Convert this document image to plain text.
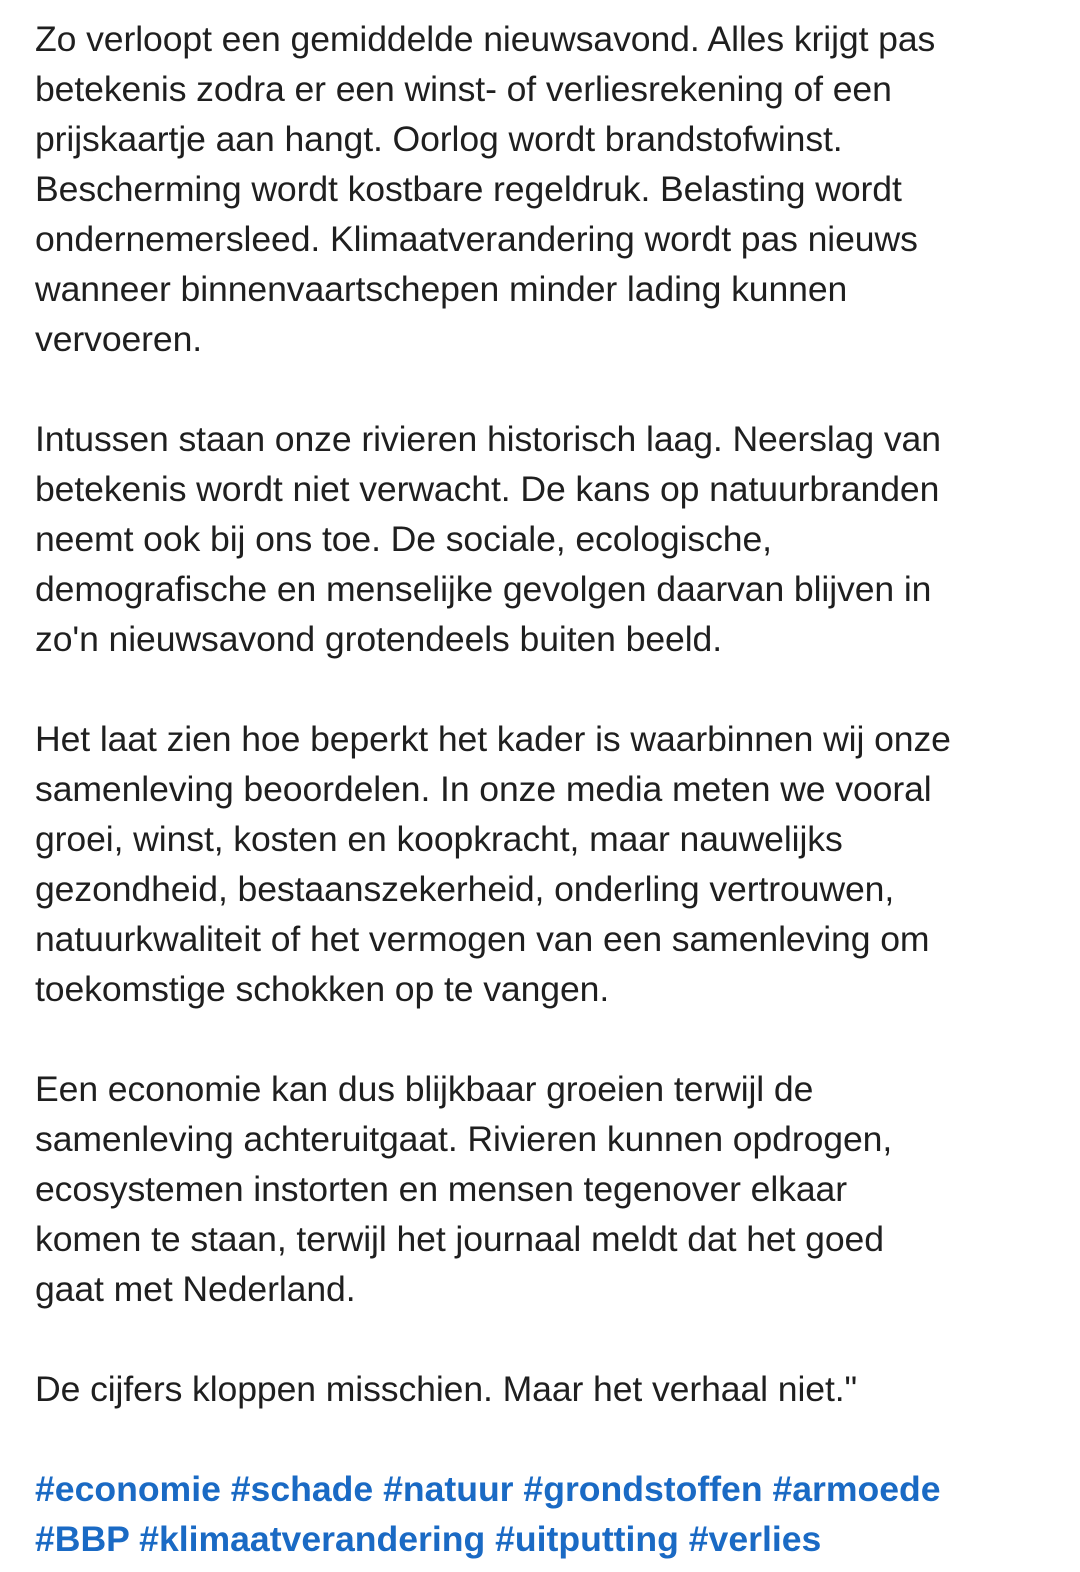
Zo verloopt een gemiddelde nieuwsavond. Alles krijgt pas
betekenis zodra er een winst- of verliesrekening of een
prijskaartje aan hangt. Oorlog wordt brandstofwinst.
Bescherming wordt kostbare regeldruk. Belasting wordt
ondernemersleed. Klimaatverandering wordt pas nieuws
wanneer binnenvaartschepen minder lading kunnen
vervoeren.

Intussen staan onze rivieren historisch laag. Neerslag van
betekenis wordt niet verwacht. De kans op natuurbranden
neemt ook bij ons toe. De sociale, ecologische,
demografische en menselijke gevolgen daarvan blijven in
zo'n nieuwsavond grotendeels buiten beeld.

Het laat zien hoe beperkt het kader is waarbinnen wij onze
samenleving beoordelen. In onze media meten we vooral
groei, winst, kosten en koopkracht, maar nauwelijks
gezondheid, bestaanszekerheid, onderling vertrouwen,
natuurkwaliteit of het vermogen van een samenleving om
toekomstige schokken op te vangen.

Een economie kan dus blijkbaar groeien terwijl de
samenleving achteruitgaat. Rivieren kunnen opdrogen,
ecosystemen instorten en mensen tegenover elkaar
komen te staan, terwijl het journaal meldt dat het goed
gaat met Nederland.

De cijfers kloppen misschien. Maar het verhaal niet."

#economie #schade #natuur #grondstoffen #armoede
#BBP #klimaatverandering #uitputting #verlies
